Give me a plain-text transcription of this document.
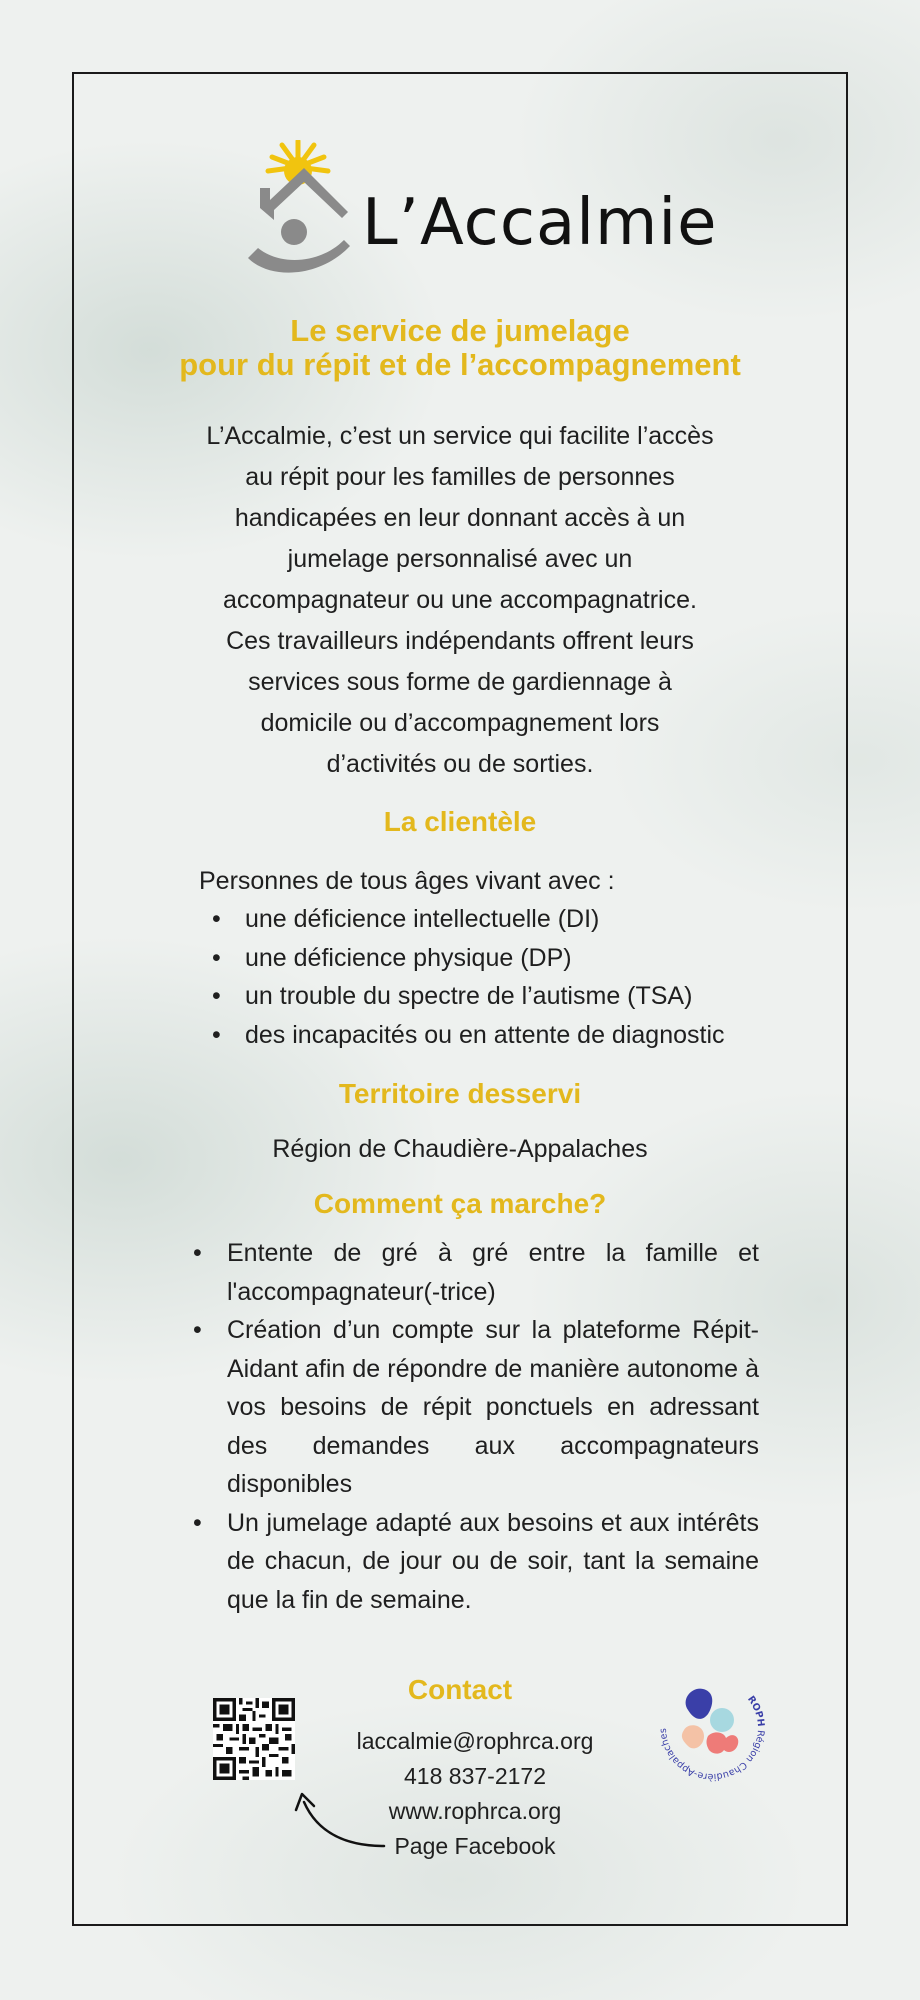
L’Accalmie
Le service de jumelage
pour du répit et de l’accompagnement
L’Accalmie, c’est un service qui facilite l’accès
au répit pour les familles de personnes
handicapées en leur donnant accès à un
jumelage personnalisé avec un
accompagnateur ou une accompagnatrice.
Ces travailleurs indépendants offrent leurs
services sous forme de gardiennage à
domicile ou d’accompagnement lors
d’activités ou de sorties.
La clientèle
Personnes de tous âges vivant avec :
• une déficience intellectuelle (DI)
• une déficience physique (DP)
• un trouble du spectre de l’autisme (TSA)
• des incapacités ou en attente de diagnostic
Territoire desservi
Région de Chaudière-Appalaches
Comment ça marche?
• Entente de gré à gré entre la famille et l'accompagnateur(-trice)
• Création d’un compte sur la plateforme Répit-Aidant afin de répondre de manière autonome à vos besoins de répit ponctuels en adressant des demandes aux accompagnateurs disponibles
• Un jumelage adapté aux besoins et aux intérêts de chacun, de jour ou de soir, tant la semaine que la fin de semaine.
Contact
laccalmie@rophrca.org
418 837-2172
www.rophrca.org
Page Facebook
ROPH Région Chaudière-Appalaches
